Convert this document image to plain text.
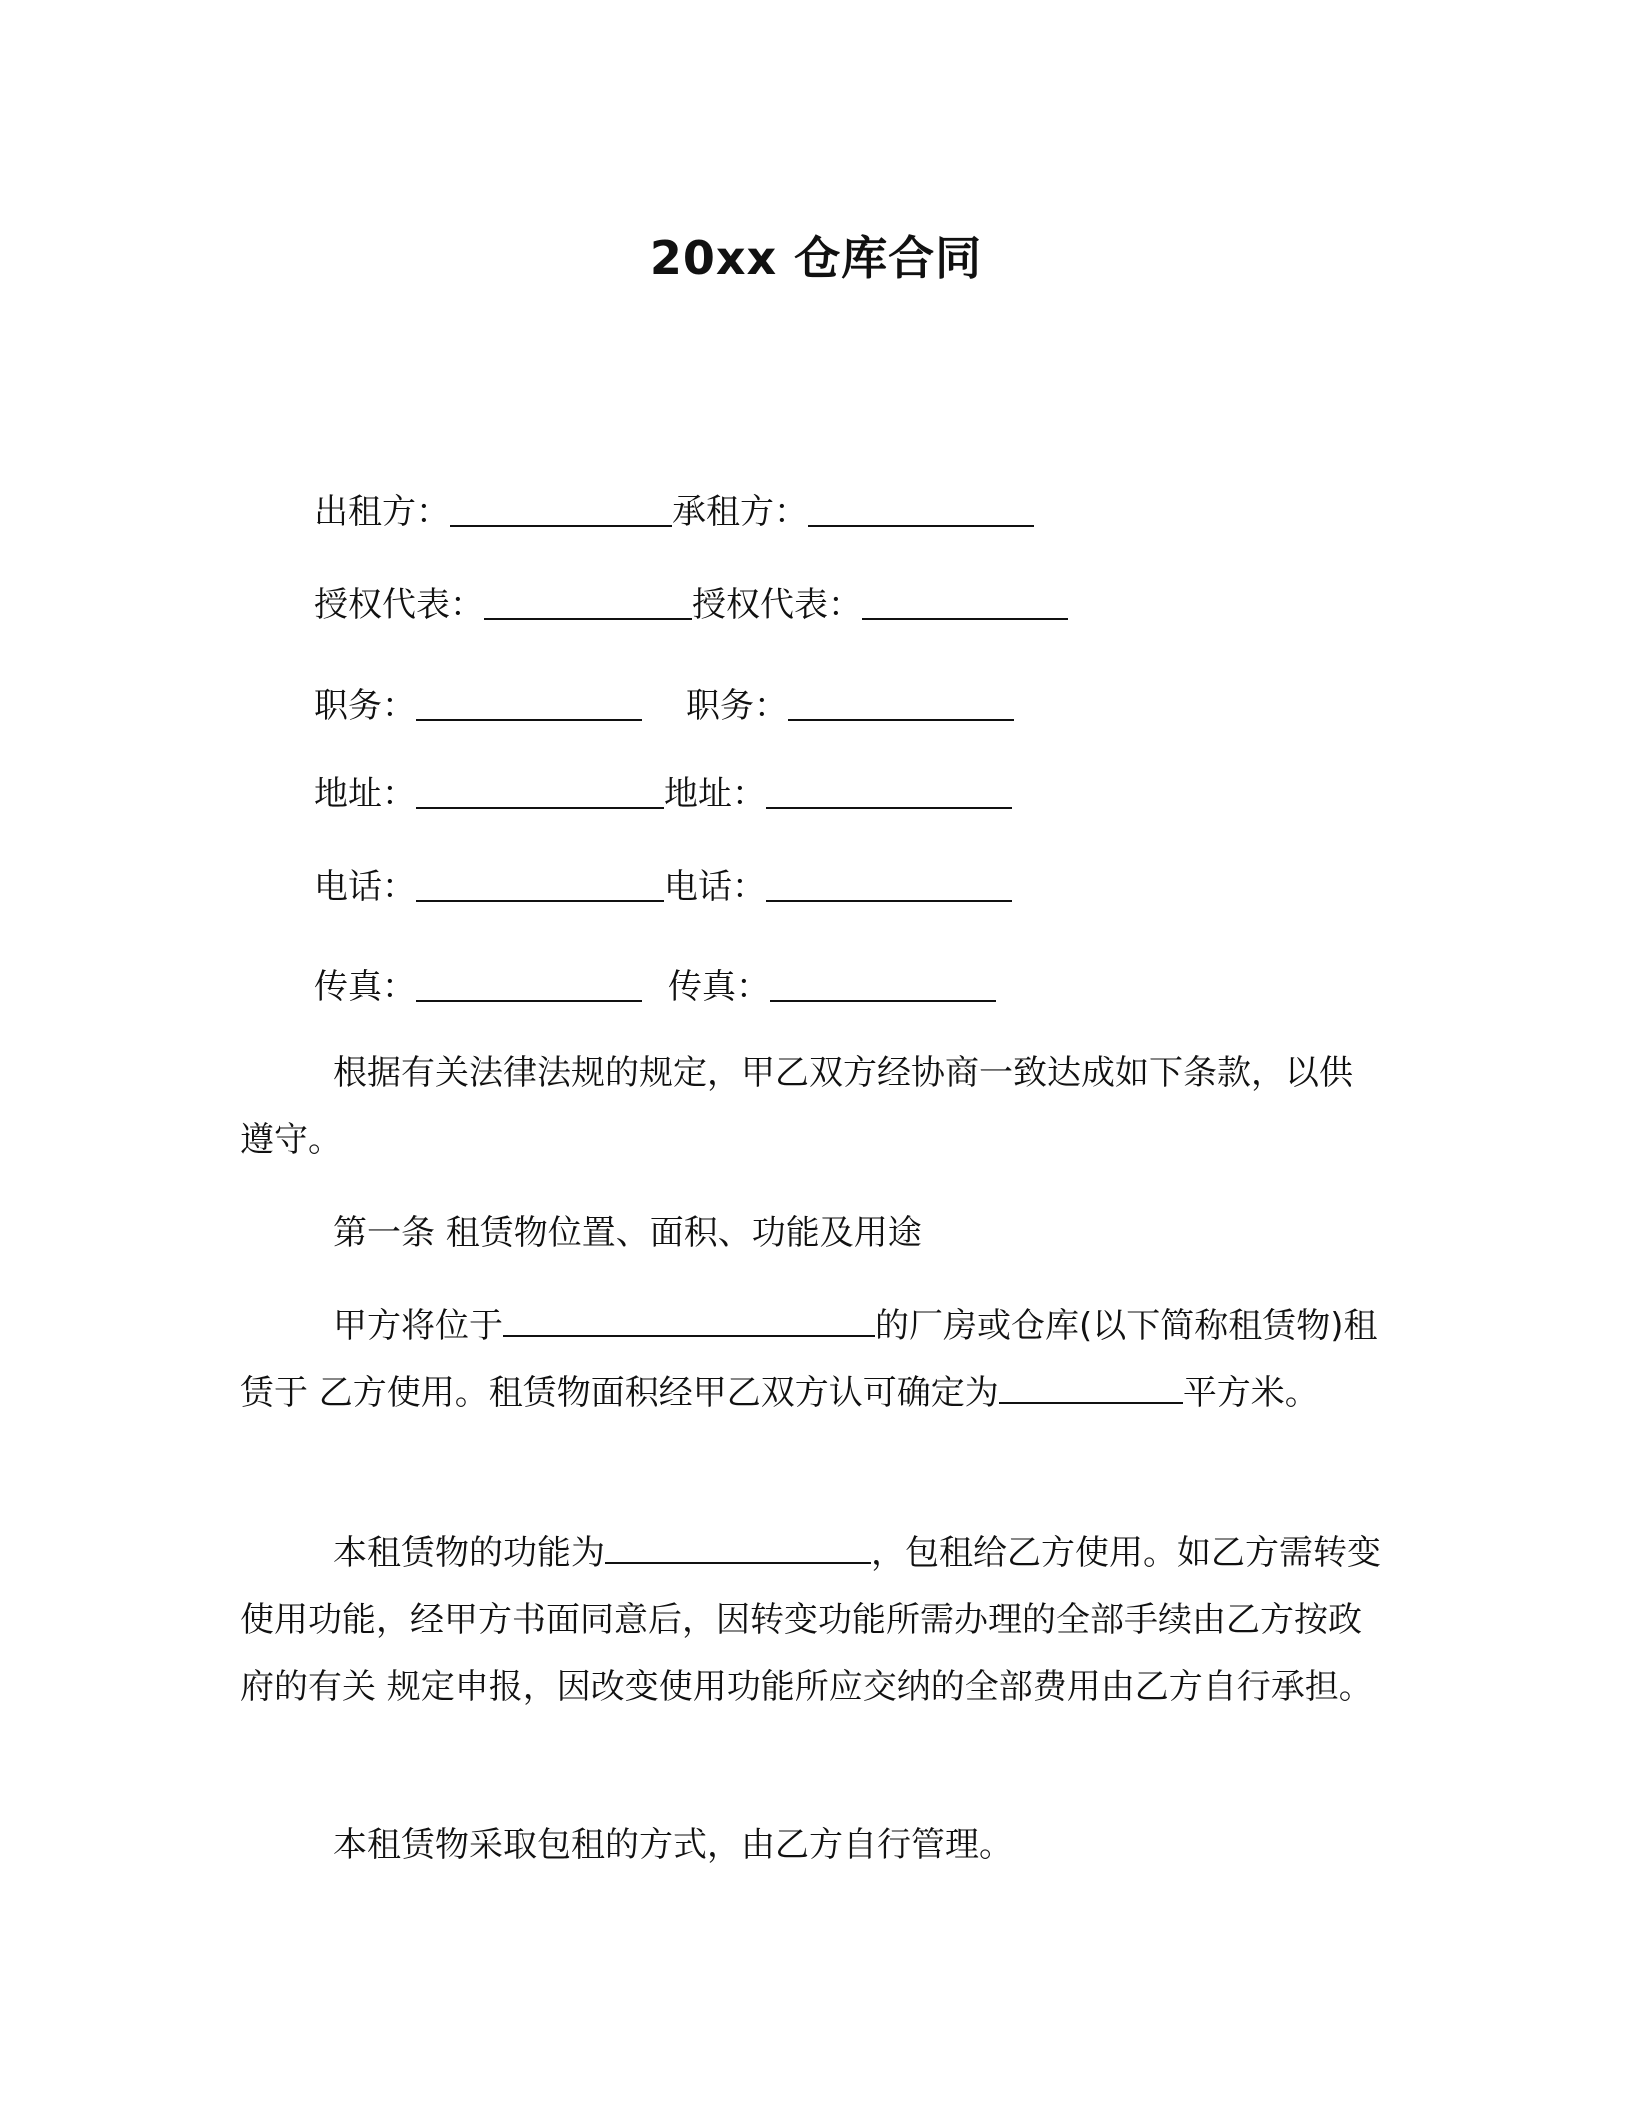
20xx 仓库合同
出租方：	承租方：
授权代表：	授权代表：
职务：	职务：
地址：	地址：
电话：	电话：
传真：	传真：
根据有关法律法规的规定，甲乙双方经协商一致达成如下条款，以供遵守。
第一条 租赁物位置、面积、功能及用途
甲方将位于	的厂房或仓库(以下简称租赁物)租赁于 乙方使用。租赁物面积经甲乙双方认可确定为	平方米。
本租赁物的功能为	，包租给乙方使用。如乙方需转变使用功能，经甲方书面同意后，因转变功能所需办理的全部手续由乙方按政府的有关 规定申报，因改变使用功能所应交纳的全部费用由乙方自行承担。
本租赁物采取包租的方式，由乙方自行管理。
